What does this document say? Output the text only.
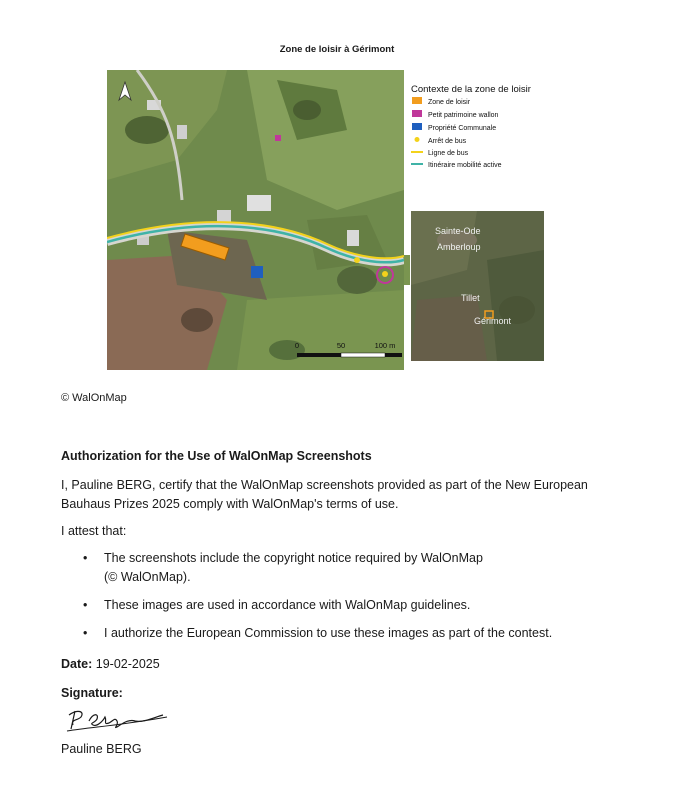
Zone de loisir à Gérimont
0	50	100 m
Contexte de la zone de loisir
Zone de loisir
Petit patrimoine wallon
Propriété Communale
Arrêt de bus
Ligne de bus
Itinéraire mobilité active
Sainte-Ode
Amberloup
Tillet
Gérimont
© WalOnMap
Authorization for the Use of WalOnMap Screenshots
I, Pauline BERG, certify that the WalOnMap screenshots provided as part of the New European Bauhaus Prizes 2025 comply with WalOnMap's terms of use.
I attest that:
• The screenshots include the copyright notice required by WalOnMap
(© WalOnMap).
• These images are used in accordance with WalOnMap guidelines.
• I authorize the European Commission to use these images as part of the contest.
Date: 19-02-2025
Signature:
Pauline BERG
